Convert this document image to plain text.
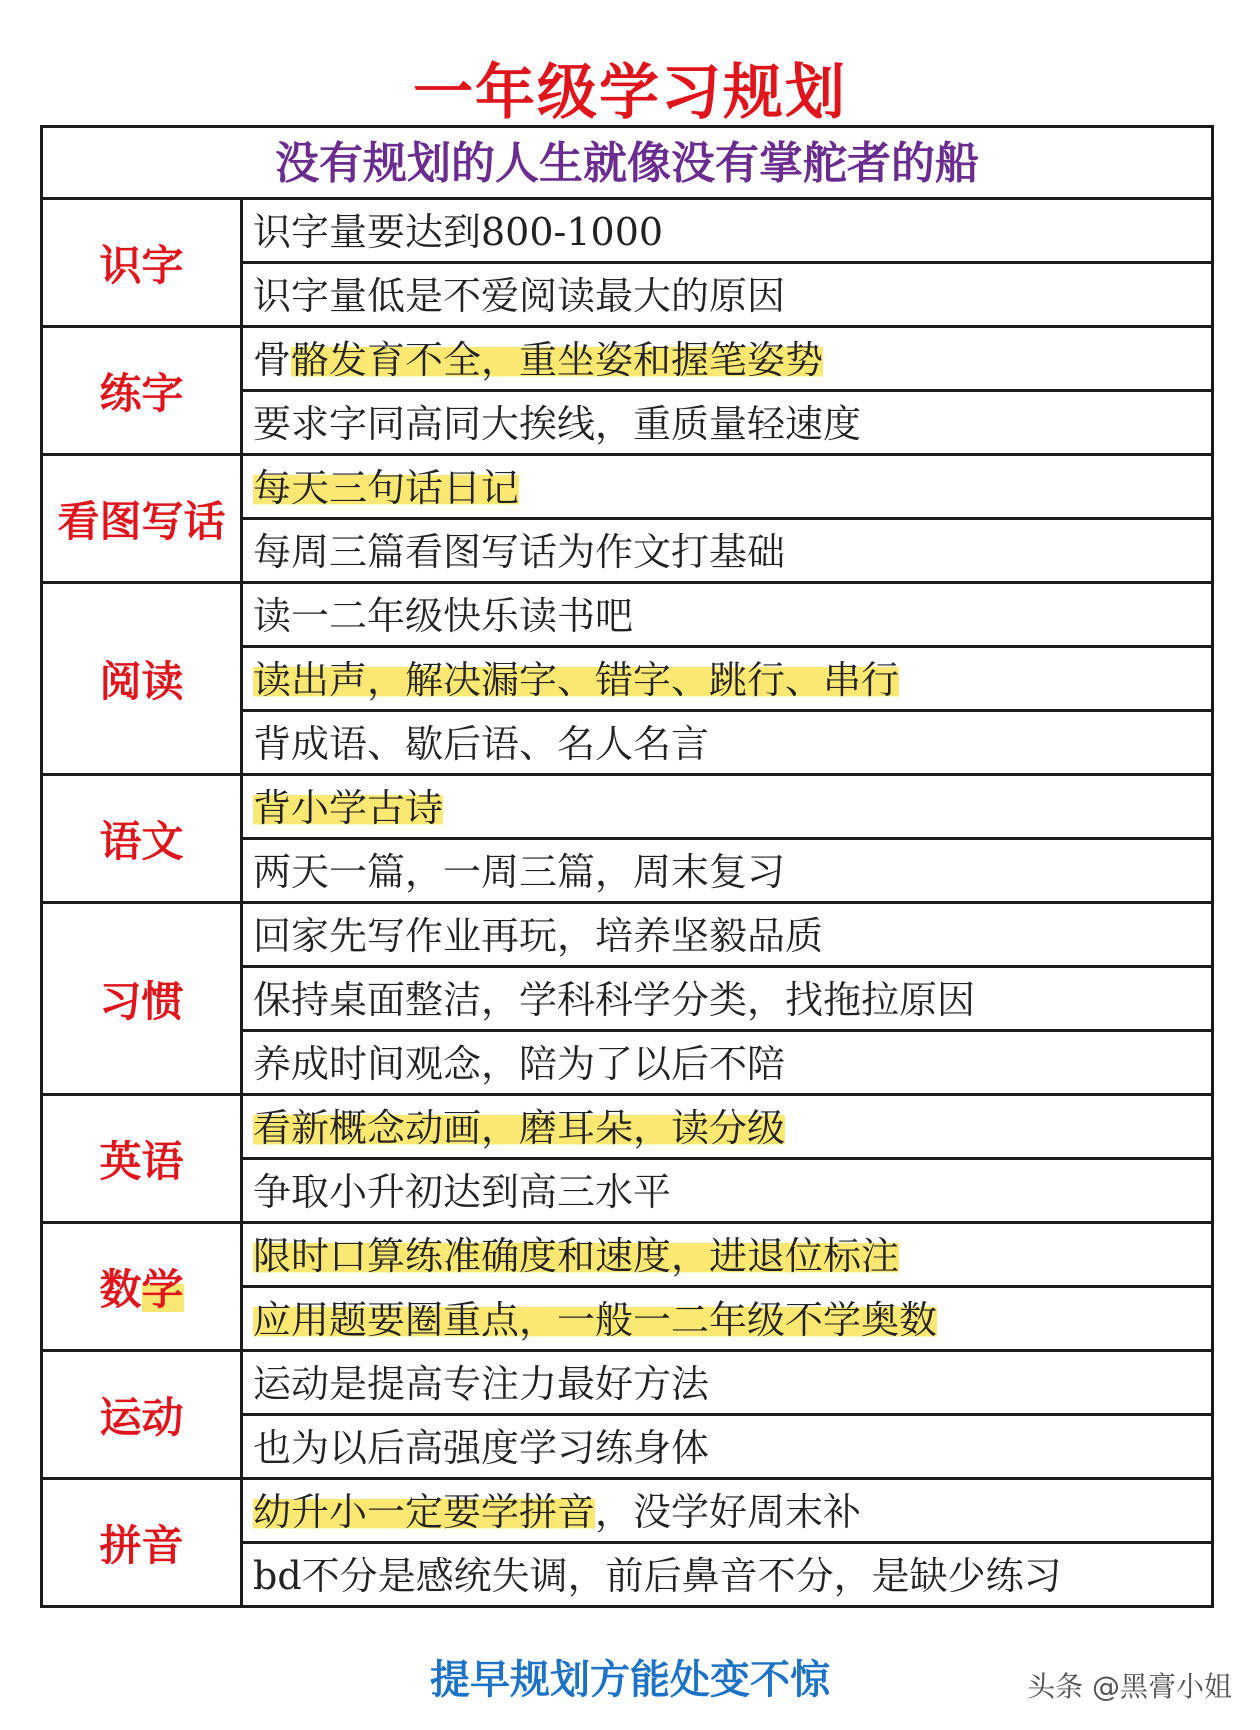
一年级学习规划
没有规划的人生就像没有掌舵者的船
识字
识字量要达到800-1000
识字量低是不爱阅读最大的原因
练字
骨骼发育不全，重坐姿和握笔姿势
要求字同高同大挨线，重质量轻速度
看图写话
每天三句话日记
每周三篇看图写话为作文打基础
阅读
读一二年级快乐读书吧
读出声，解决漏字、错字、跳行、串行
背成语、歇后语、名人名言
语文
背小学古诗
两天一篇，一周三篇，周末复习
习惯
回家先写作业再玩，培养坚毅品质
保持桌面整洁，学科科学分类，找拖拉原因
养成时间观念，陪为了以后不陪
英语
看新概念动画，磨耳朵，读分级
争取小升初达到高三水平
数 学
限时口算练准确度和速度，进退位标注
应用题要圈重点，一般一二年级不学奥数
运动
运动是提高专注力最好方法
也为以后高强度学习练身体
拼音
幼升小一定要学拼音，没学好周末补
bd不分是感统失调，前后鼻音不分，是缺少练习
提早规划方能处变不惊	头条 @黑膏小姐
